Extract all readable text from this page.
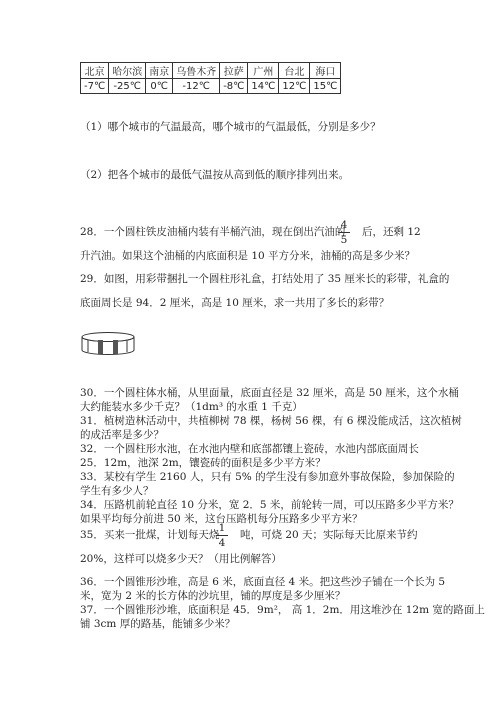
北京	哈尔滨	南京	乌鲁木齐	拉萨	广州	台北	海口
-7℃	-25℃	0℃	-12℃	-8℃	14℃	12℃	15℃
（1）哪个城市的气温最高，哪个城市的气温最低，分别是多少？
（2）把各个城市的最低气温按从高到低的顺序排列出来。
28．一个圆柱铁皮油桶内装有半桶汽油，现在倒出汽油的
4
5
后，还剩 12
升汽油。如果这个油桶的内底面积是 10 平方分米，油桶的高是多少米？
29．如图，用彩带捆扎一个圆柱形礼盒，打结处用了 35 厘米长的彩带，礼盒的
底面周长是 94．2 厘米，高是 10 厘米，求一共用了多长的彩带？
30．一个圆柱体水桶，从里面量，底面直径是 32 厘米，高是 50 厘米，这个水桶
大约能装水多少千克？（1dm³ 的水重 1 千克）
31．植树造林活动中，共植柳树 78 棵，杨树 56 棵，有 6 棵没能成活，这次植树
的成活率是多少？
32．一个圆柱形水池，在水池内壁和底部都镶上瓷砖，水池内部底面周长
25．12m，池深 2m，镶瓷砖的面积是多少平方米？
33．某校有学生 2160 人，只有 5% 的学生没有参加意外事故保险，参加保险的
学生有多少人？
34．压路机前轮直径 10 分米，宽 2．5 米，前轮转一周，可以压路多少平方米？
如果平均每分前进 50 米，这台压路机每分压路多少平方米？
35．买来一批煤，计划每天烧
1
4
吨，可烧 20 天；实际每天比原来节约
20%，这样可以烧多少天？（用比例解答）
36．一个圆锥形沙堆，高是 6 米，底面直径 4 米。把这些沙子铺在一个长为 5
米，宽为 2 米的长方体的沙坑里，铺的厚度是多少厘米？
37．一个圆锥形沙堆，底面积是 45．9m²， 高 1．2m．用这堆沙在 12m 宽的路面上
铺 3cm 厚的路基，能铺多少米？
